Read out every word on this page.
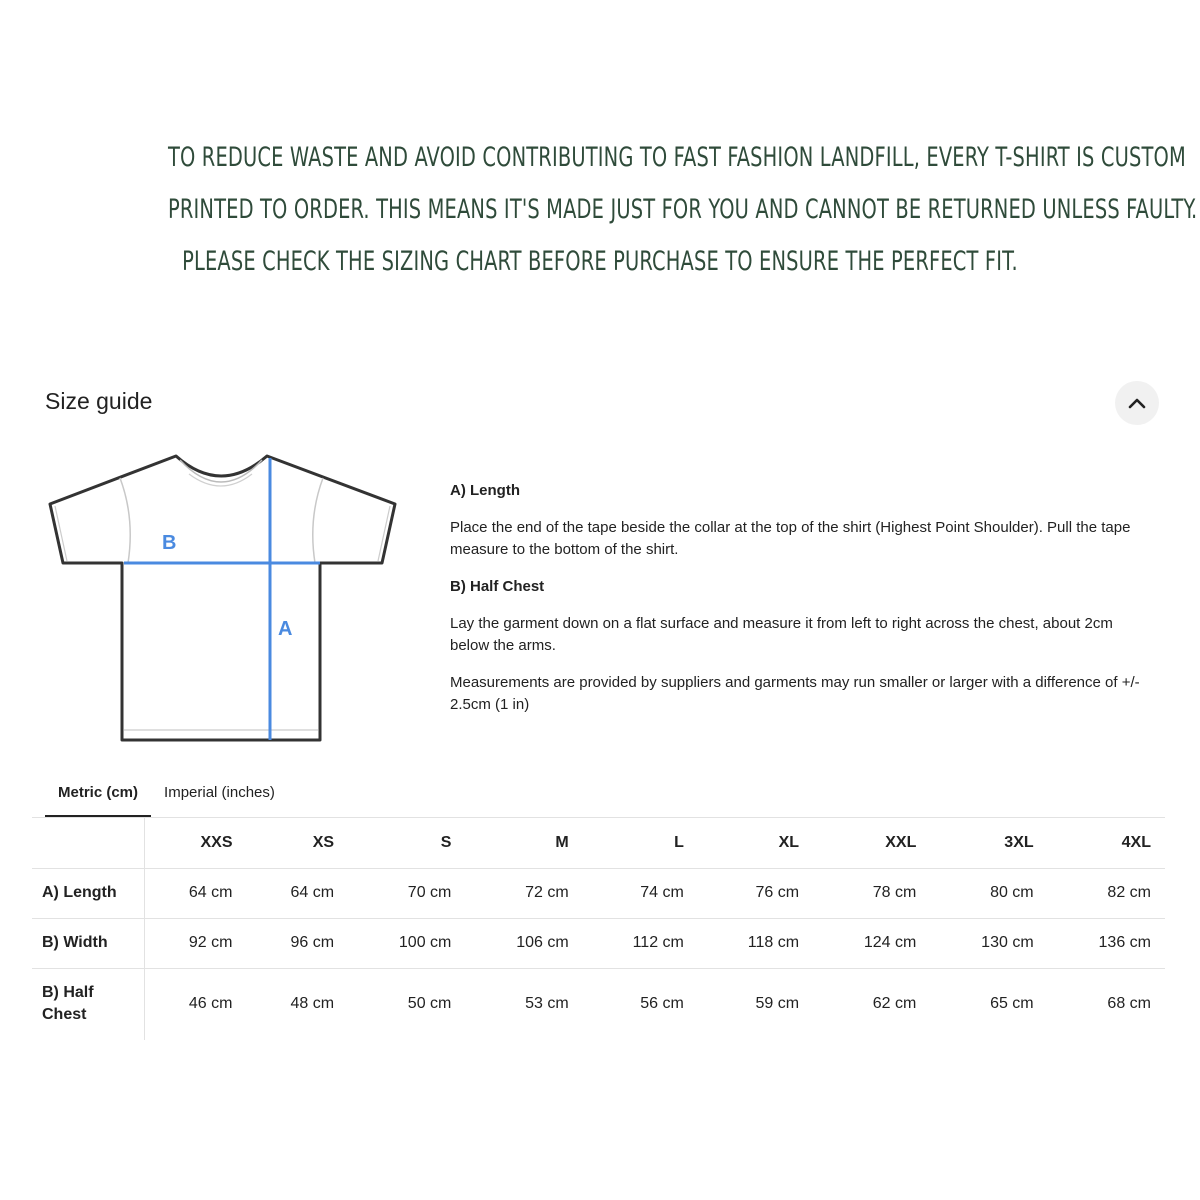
TO REDUCE WASTE AND AVOID CONTRIBUTING TO FAST FASHION LANDFILL, EVERY T-SHIRT IS CUSTOM
PRINTED TO ORDER. THIS MEANS IT'S MADE JUST FOR YOU AND CANNOT BE RETURNED UNLESS FAULTY.
PLEASE CHECK THE SIZING CHART BEFORE PURCHASE TO ENSURE THE PERFECT FIT.
Size guide
B
A
A) Length
Place the end of the tape beside the collar at the top of the shirt (Highest Point Shoulder). Pull the tape measure to the bottom of the shirt.
B) Half Chest
Lay the garment down on a flat surface and measure it from left to right across the chest, about 2cm below the arms.
Measurements are provided by suppliers and garments may run smaller or larger with a difference of +/- 2.5cm (1 in)
Metric (cm)	Imperial (inches)
	XXS	XS	S	M	L	XL	XXL	3XL	4XL
A) Length	64 cm	64 cm	70 cm	72 cm	74 cm	76 cm	78 cm	80 cm	82 cm
B) Width	92 cm	96 cm	100 cm	106 cm	112 cm	118 cm	124 cm	130 cm	136 cm
B) Half Chest	46 cm	48 cm	50 cm	53 cm	56 cm	59 cm	62 cm	65 cm	68 cm
